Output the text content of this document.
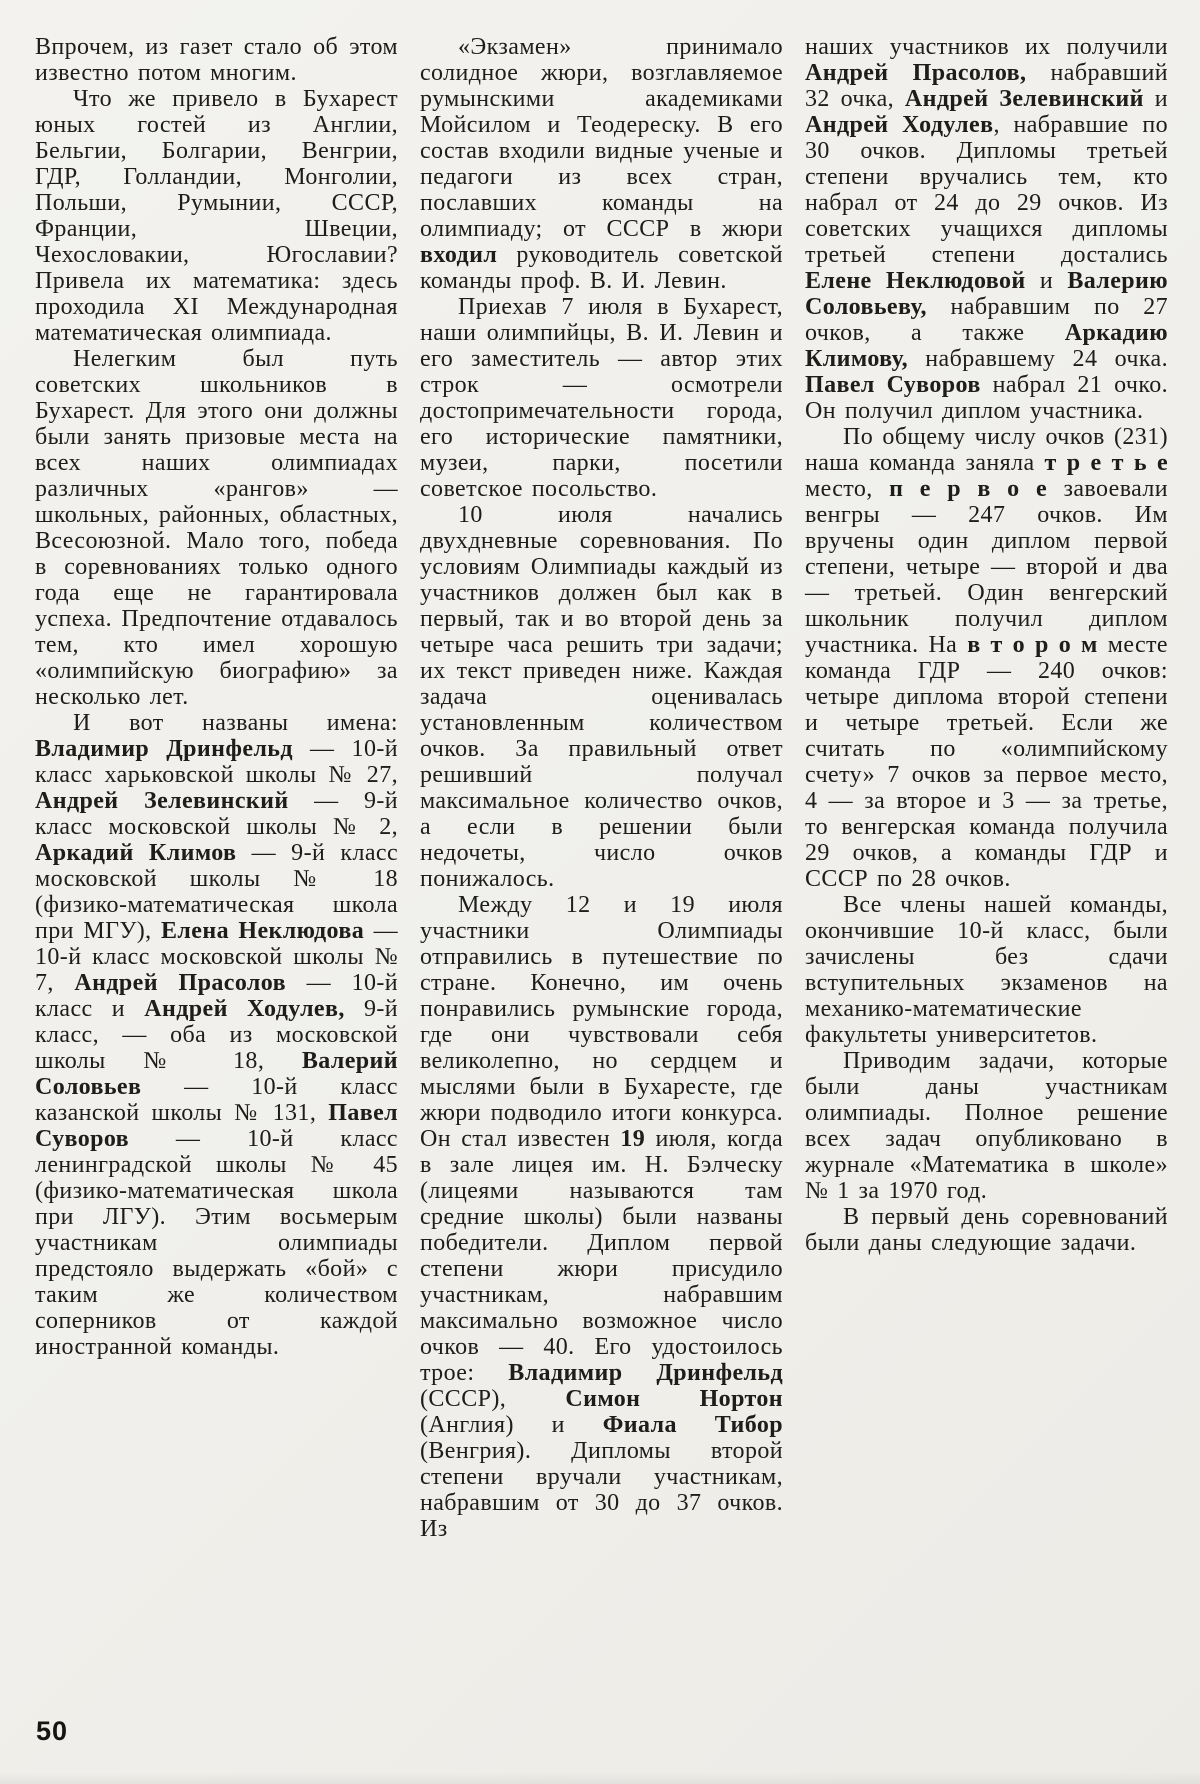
Впрочем, из газет стало об этом известно потом многим.

Что же привело в Бухарест юных гостей из Англии, Бельгии, Болгарии, Венгрии, ГДР, Голландии, Монголии, Польши, Румынии, СССР, Франции, Швеции, Чехословакии, Югославии? Привела их математика: здесь проходила XI Международная математическая олимпиада.

Нелегким был путь советских школьников в Бухарест. Для этого они должны были занять призовые места на всех наших олимпиадах различных «рангов» — школьных, районных, областных, Всесоюзной. Мало того, победа в соревнованиях только одного года еще не гарантировала успеха. Предпочтение отдавалось тем, кто имел хорошую «олимпийскую биографию» за несколько лет.

И вот названы имена: Владимир Дринфельд — 10-й класс харьковской школы № 27, Андрей Зелевинский — 9-й класс московской школы № 2, Аркадий Климов — 9-й класс московской школы № 18 (физико-математическая школа при МГУ), Елена Неклюдова — 10-й класс московской школы № 7, Андрей Прасолов — 10-й класс и Андрей Ходулев, 9-й класс, — оба из московской школы № 18, Валерий Соловьев — 10-й класс казанской школы № 131, Павел Суворов — 10-й класс ленинградской школы № 45 (физико-математическая школа при ЛГУ). Этим восьмерым участникам олимпиады предстояло выдержать «бой» с таким же количеством соперников от каждой иностранной команды.

«Экзамен» принимало солидное жюри, возглавляемое румынскими академиками Мойсилом и Теодереску. В его состав входили видные ученые и педагоги из всех стран, пославших команды на олимпиаду; от СССР в жюри входил руководитель советской команды проф. В. И. Левин.

Приехав 7 июля в Бухарест, наши олимпийцы, В. И. Левин и его заместитель — автор этих строк — осмотрели достопримечательности города, его исторические памятники, музеи, парки, посетили советское посольство.

10 июля начались двухдневные соревнования. По условиям Олимпиады каждый из участников должен был как в первый, так и во второй день за четыре часа решить три задачи; их текст приведен ниже. Каждая задача оценивалась установленным количеством очков. За правильный ответ решивший получал максимальное количество очков, а если в решении были недочеты, число очков понижалось.

Между 12 и 19 июля участники Олимпиады отправились в путешествие по стране. Конечно, им очень понравились румынские города, где они чувствовали себя великолепно, но сердцем и мыслями были в Бухаресте, где жюри подводило итоги конкурса. Он стал известен 19 июля, когда в зале лицея им. Н. Бэлческу (лицеями называются там средние школы) были названы победители. Диплом первой степени жюри присудило участникам, набравшим максимально возможное число очков — 40. Его удостоилось трое: Владимир Дринфельд (СССР), Симон Нортон (Англия) и Фиала Тибор (Венгрия). Дипломы второй степени вручали участникам, набравшим от 30 до 37 очков. Из

наших участников их получили Андрей Прасолов, набравший 32 очка, Андрей Зелевинский и Андрей Ходулев, набравшие по 30 очков. Дипломы третьей степени вручались тем, кто набрал от 24 до 29 очков. Из советских учащихся дипломы третьей степени достались Елене Неклюдовой и Валерию Соловьеву, набравшим по 27 очков, а также Аркадию Климову, набравшему 24 очка. Павел Суворов набрал 21 очко. Он получил диплом участника.

По общему числу очков (231) наша команда заняла т р е т ь е место, п е р в о е завоевали венгры — 247 очков. Им вручены один диплом первой степени, четыре — второй и два — третьей. Один венгерский школьник получил диплом участника. На в т о р о м месте команда ГДР — 240 очков: четыре диплома второй степени и четыре третьей. Если же считать по «олимпийскому счету» 7 очков за первое место, 4 — за второе и 3 — за третье, то венгерская команда получила 29 очков, а команды ГДР и СССР по 28 очков.

Все члены нашей команды, окончившие 10-й класс, были зачислены без сдачи вступительных экзаменов на механико-математические факультеты университетов.

Приводим задачи, которые были даны участникам олимпиады. Полное решение всех задач опубликовано в журнале «Математика в школе» № 1 за 1970 год.

В первый день соревнований были даны следующие задачи.

50
